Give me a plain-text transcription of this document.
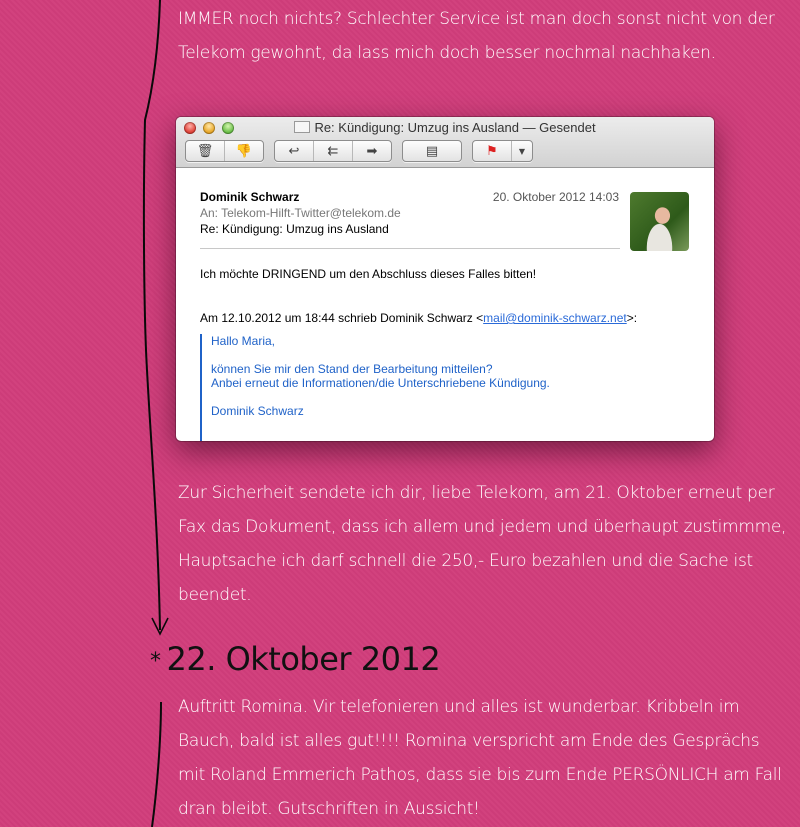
IMMER noch nichts? Schlechter Service ist man doch sonst nicht von der Telekom gewohnt, da lass mich doch besser nochmal nachhaken.
Re: Kündigung: Umzug ins Ausland — Gesendet
🗑 👎	↩ ⇇ ➡	▤	⚑	▼
Dominik Schwarz	20. Oktober 2012 14:03
An: Telekom-Hilft-Twitter@telekom.de
Re: Kündigung: Umzug ins Ausland
Ich möchte DRINGEND um den Abschluss dieses Falles bitten!
Am 12.10.2012 um 18:44 schrieb Dominik Schwarz <mail@dominik-schwarz.net>:

Hallo Maria,

können Sie mir den Stand der Bearbeitung mitteilen?

Anbei erneut die Informationen/die Unterschriebene Kündigung.

Dominik Schwarz

Zur Sicherheit sendete ich dir, liebe Telekom, am 21. Oktober erneut per Fax das Dokument, dass ich allem und jedem und überhaupt zustimmme, Hauptsache ich darf schnell die 250,- Euro bezahlen und die Sache ist beendet.
* 22. Oktober 2012
Auftritt Romina. Vir telefonieren und alles ist wunderbar. Kribbeln im Bauch, bald ist alles gut!!!! Romina verspricht am Ende des Gesprächs mit Roland Emmerich Pathos, dass sie bis zum Ende PERSÖNLICH am Fall dran bleibt. Gutschriften in Aussicht!
